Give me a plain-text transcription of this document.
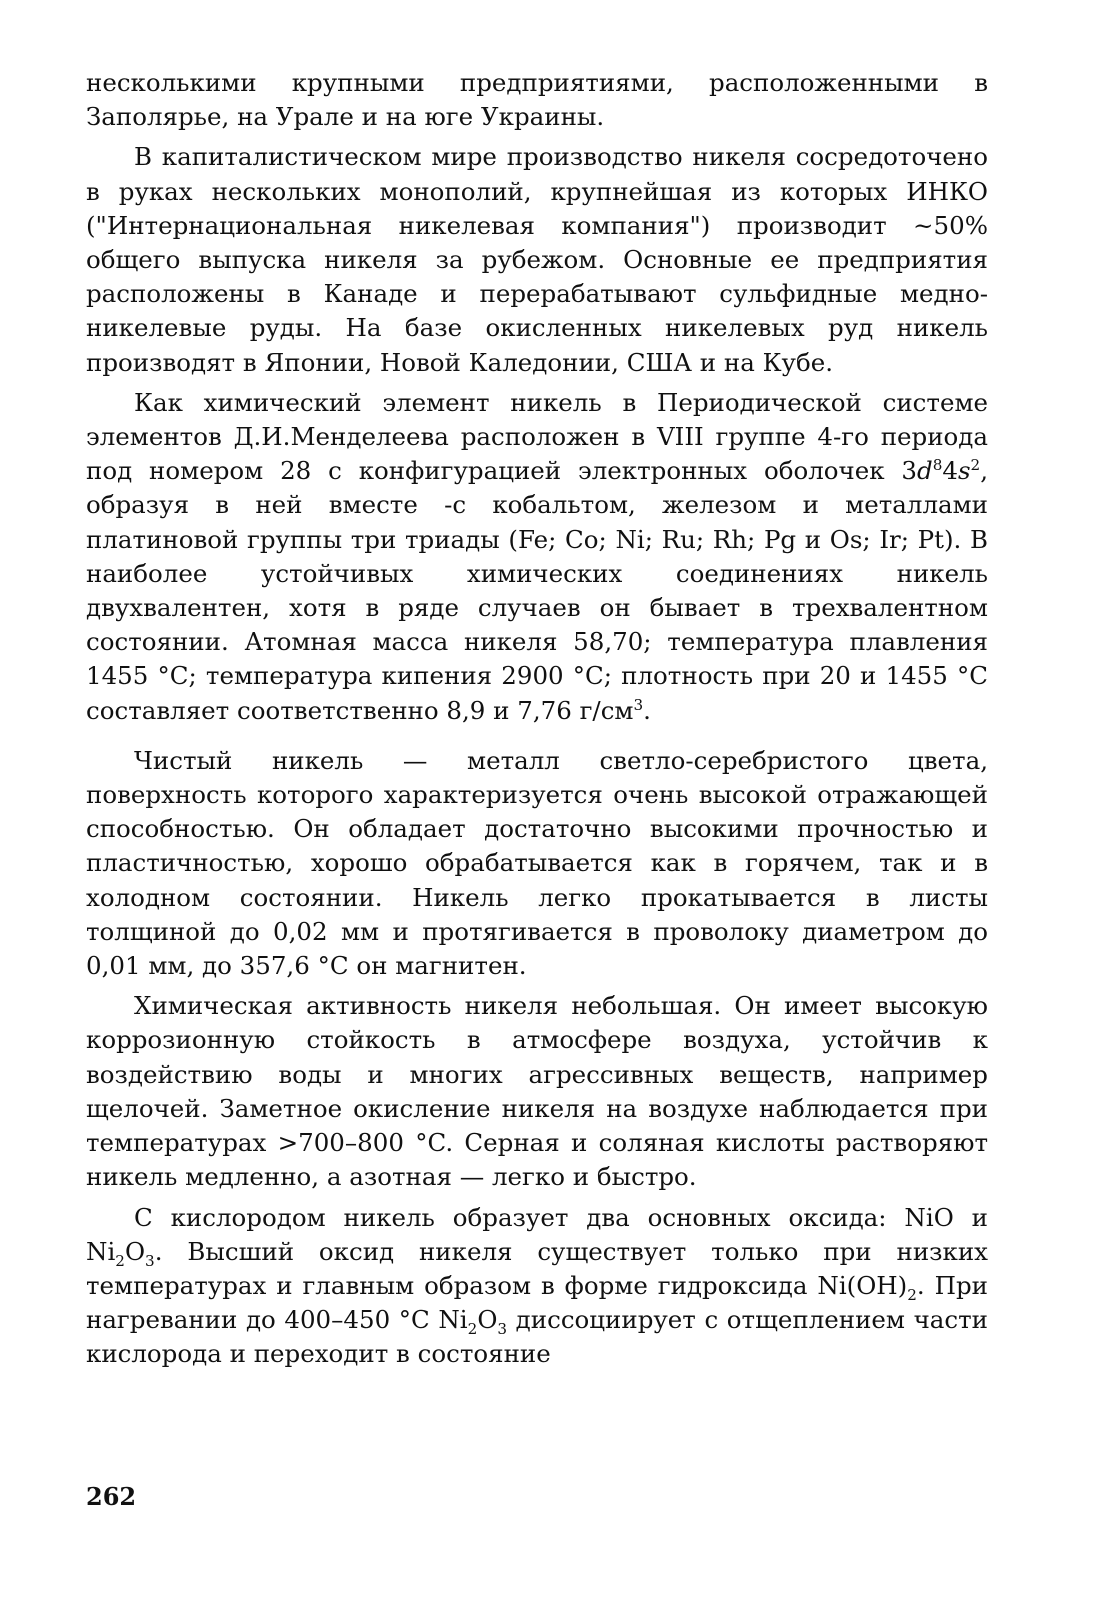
несколькими крупными предприятиями, расположенными в Заполярье, на Урале и на юге Украины.

В капиталистическом мире производство никеля сосредоточено в руках нескольких монополий, крупнейшая из которых ИНКО ("Интернациональная никелевая компания") производит ~50% общего выпуска никеля за рубежом. Основные ее предприятия расположены в Канаде и перерабатывают сульфидные медно-никелевые руды. На базе окисленных никелевых руд никель производят в Японии, Новой Каледонии, США и на Кубе.

Как химический элемент никель в Периодической системе элементов Д.И.Менделеева расположен в VIII группе 4-го периода под номером 28 с конфигурацией электронных оболочек $3d^84s^2$, образуя в ней вместе -с кобальтом, железом и металлами платиновой группы три триады (Fe; Co; Ni; Ru; Rh; Pg и Os; Ir; Pt). В наиболее устойчивых химических соединениях никель двухвалентен, хотя в ряде случаев он бывает в трехвалентном состоянии. Атомная масса никеля 58,70; температура плавления 1455 °C; температура кипения 2900 °C; плотность при 20 и 1455 °C составляет соответственно 8,9 и 7,76 $г/см^3$.

Чистый никель — металл светло-серебристого цвета, поверхность которого характеризуется очень высокой отражающей способностью. Он обладает достаточно высокими прочностью и пластичностью, хорошо обрабатывается как в горячем, так и в холодном состоянии. Никель легко прокатывается в листы толщиной до 0,02 мм и протягивается в проволоку диаметром до 0,01 мм, до 357,6 °C он магнитен.

Химическая активность никеля небольшая. Он имеет высокую коррозионную стойкость в атмосфере воздуха, устойчив к воздействию воды и многих агрессивных веществ, например щелочей. Заметное окисление никеля на воздухе наблюдается при температурах >700–800 °C. Серная и соляная кислоты растворяют никель медленно, а азотная — легко и быстро.

С кислородом никель образует два основных оксида: NiO и $Ni_2O_3$. Высший оксид никеля существует только при низких температурах и главным образом в форме гидроксида $Ni(OH)_2$. При нагревании до 400–450 °C $Ni_2O_3$ диссоциирует с отщеплением части кислорода и переходит в состояние

262
